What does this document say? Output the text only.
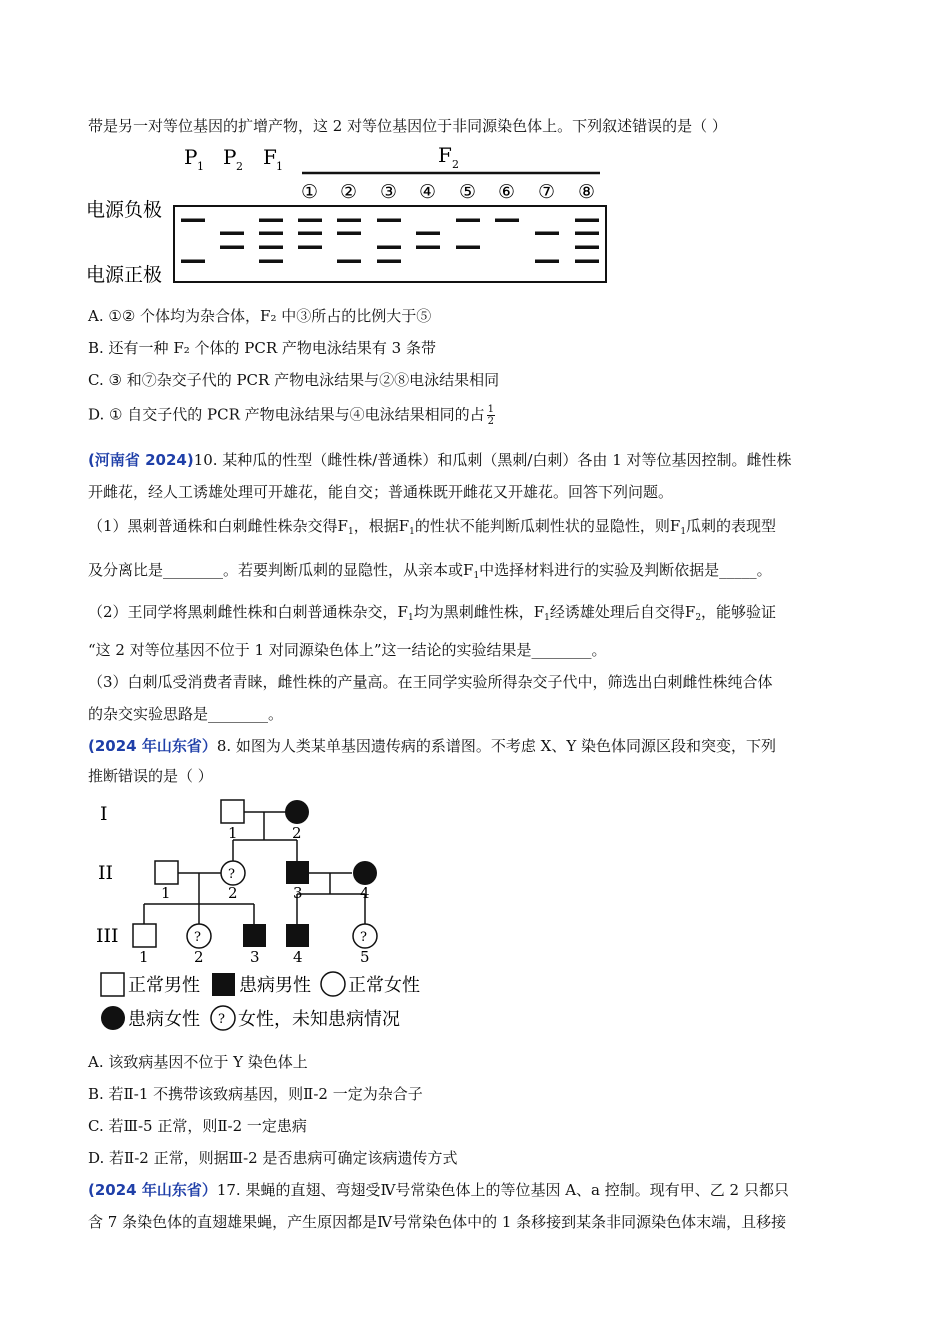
带是另一对等位基因的扩增产物，这 2 对等位基因位于非同源染色体上。下列叙述错误的是（ ）
P 1 P 2 F 1	F 2
① ② ③ ④ ⑤ ⑥ ⑦ ⑧
电源负极
电源正极
A. ①② 个体均为杂合体，F₂ 中③所占的比例大于⑤
B. 还有一种 F₂ 个体的 PCR 产物电泳结果有 3 条带
C. ③ 和⑦杂交子代的 PCR 产物电泳结果与②⑧电泳结果相同
D. ① 自交子代的 PCR 产物电泳结果与④电泳结果相同的占 $\frac{1}{2}$
(河南省 2024)10. 某种瓜的性型（雌性株/普通株）和瓜刺（黑刺/白刺）各由 1 对等位基因控制。雌性株
开雌花，经人工诱雄处理可开雄花，能自交；普通株既开雌花又开雄花。回答下列问题。
（1）黑刺普通株和白刺雌性株杂交得$F_1$，根据$F_1$的性状不能判断瓜刺性状的显隐性，则$F_1$瓜刺的表现型
及分离比是________。若要判断瓜刺的显隐性，从亲本或$F_1$中选择材料进行的实验及判断依据是_____。
（2）王同学将黑刺雌性株和白刺普通株杂交，$F_1$均为黑刺雌性株，$F_1$经诱雄处理后自交得$F_2$，能够验证
“这 2 对等位基因不位于 1 对同源染色体上”这一结论的实验结果是________。
（3）白刺瓜受消费者青睐，雌性株的产量高。在王同学实验所得杂交子代中，筛选出白刺雌性株纯合体
的杂交实验思路是________。
(2024 年山东省）8. 如图为人类某单基因遗传病的系谱图。不考虑 X、Y 染色体同源区段和突变，下列
推断错误的是（ ）
I
II
III
1	2
?
1	2	3	4
?	?
1	2	3 4	5
正常男性 患病男性 正常女性
患病女性 ? 女性，未知患病情况
A. 该致病基因不位于 Y 染色体上
B. 若Ⅱ-1 不携带该致病基因，则Ⅱ-2 一定为杂合子
C. 若Ⅲ-5 正常，则Ⅱ-2 一定患病
D. 若Ⅱ-2 正常，则据Ⅲ-2 是否患病可确定该病遗传方式
(2024 年山东省）17. 果蝇的直翅、弯翅受Ⅳ号常染色体上的等位基因 A、a 控制。现有甲、乙 2 只都只
含 7 条染色体的直翅雄果蝇，产生原因都是Ⅳ号常染色体中的 1 条移接到某条非同源染色体末端，且移接
